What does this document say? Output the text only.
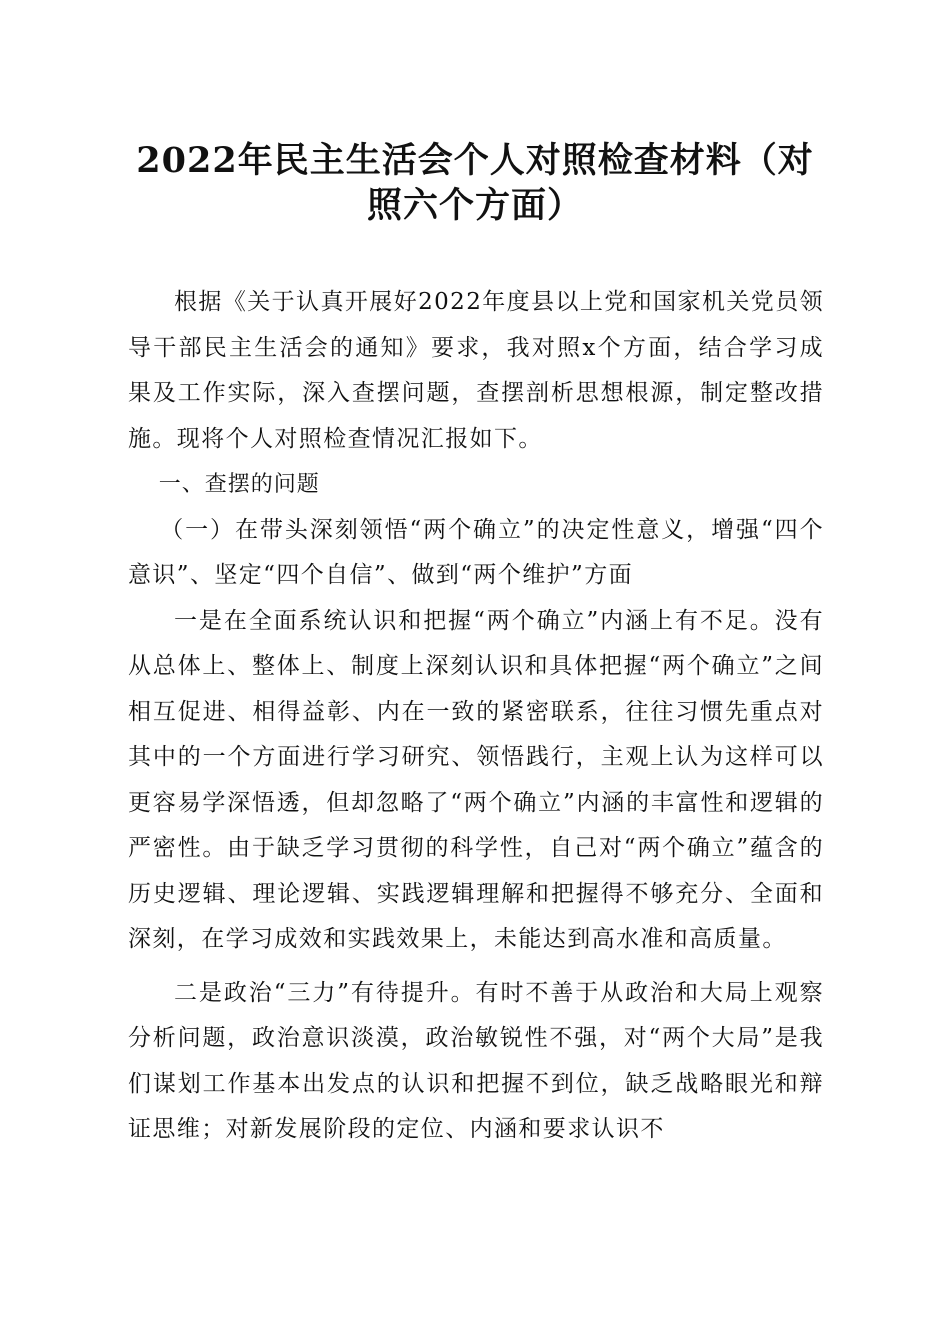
2022年民主生活会个人对照检查材料（对照六个方面）

根据《关于认真开展好2022年度县以上党和国家机关党员领导干部民主生活会的通知》要求，我对照x个方面，结合学习成果及工作实际，深入查摆问题，查摆剖析思想根源，制定整改措施。现将个人对照检查情况汇报如下。

一、查摆的问题

（一）在带头深刻领悟“两个确立”的决定性意义，增强“四个意识”、坚定“四个自信”、做到“两个维护”方面

一是在全面系统认识和把握“两个确立”内涵上有不足。没有从总体上、整体上、制度上深刻认识和具体把握“两个确立”之间相互促进、相得益彰、内在一致的紧密联系，往往习惯先重点对其中的一个方面进行学习研究、领悟践行，主观上认为这样可以更容易学深悟透，但却忽略了“两个确立”内涵的丰富性和逻辑的严密性。由于缺乏学习贯彻的科学性，自己对“两个确立”蕴含的历史逻辑、理论逻辑、实践逻辑理解和把握得不够充分、全面和深刻，在学习成效和实践效果上，未能达到高水准和高质量。

二是政治“三力”有待提升。有时不善于从政治和大局上观察分析问题，政治意识淡漠，政治敏锐性不强，对“两个大局”是我们谋划工作基本出发点的认识和把握不到位，缺乏战略眼光和辩证思维；对新发展阶段的定位、内涵和要求认识不
